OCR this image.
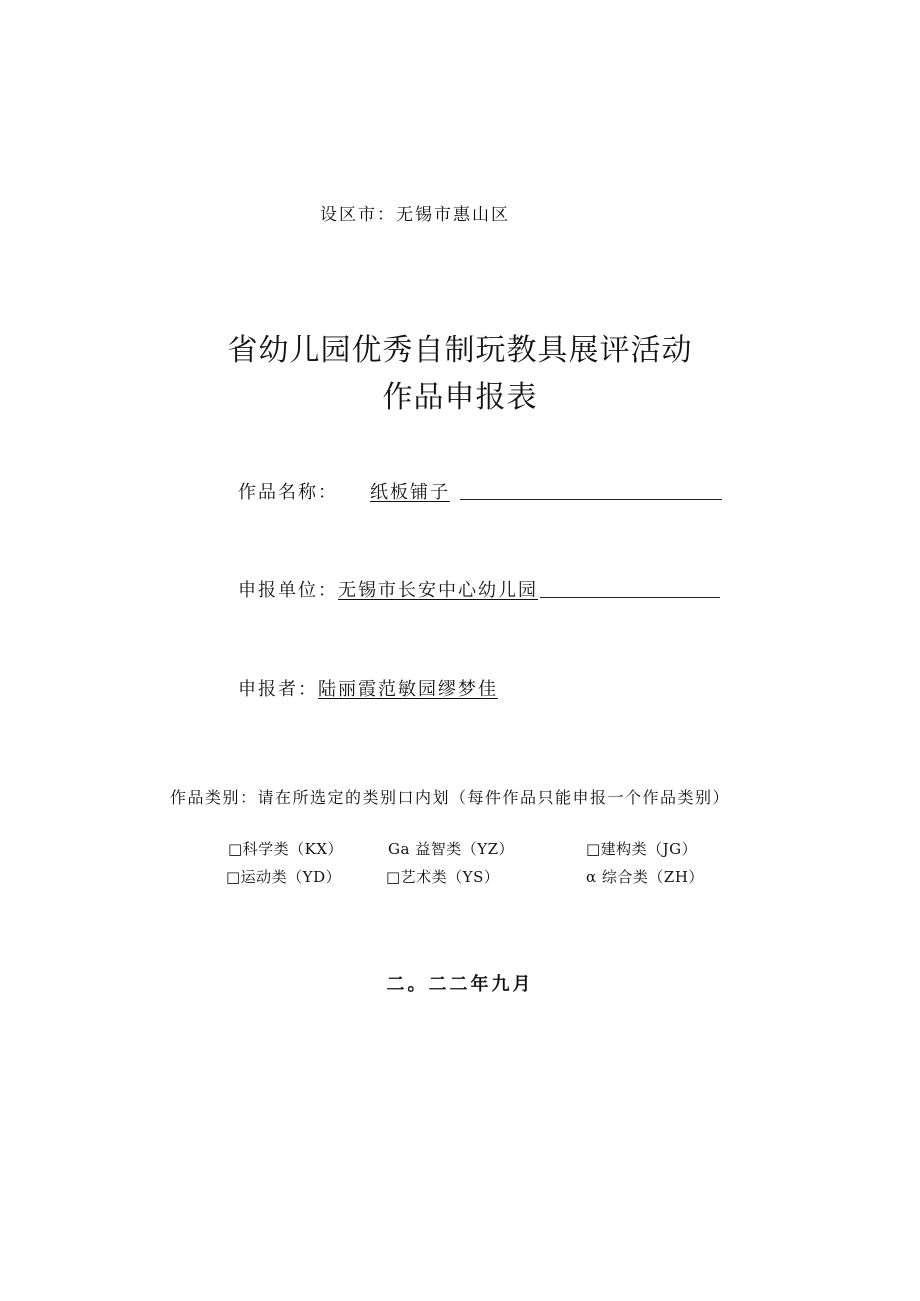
设区市：无锡市惠山区
省幼儿园优秀自制玩教具展评活动
作品申报表
作品名称：	纸板铺子
申报单位： 无锡市长安中心幼儿园
申报者： 陆丽霞范敏园缪梦佳
作品类别：请在所选定的类别口内划（每件作品只能申报一个作品类别）
□科学类（KX）	Ga 益智类（YZ）	□建构类（JG）
□运动类（YD）	□艺术类（YS）	α 综合类（ZH）
二。二二年九月
